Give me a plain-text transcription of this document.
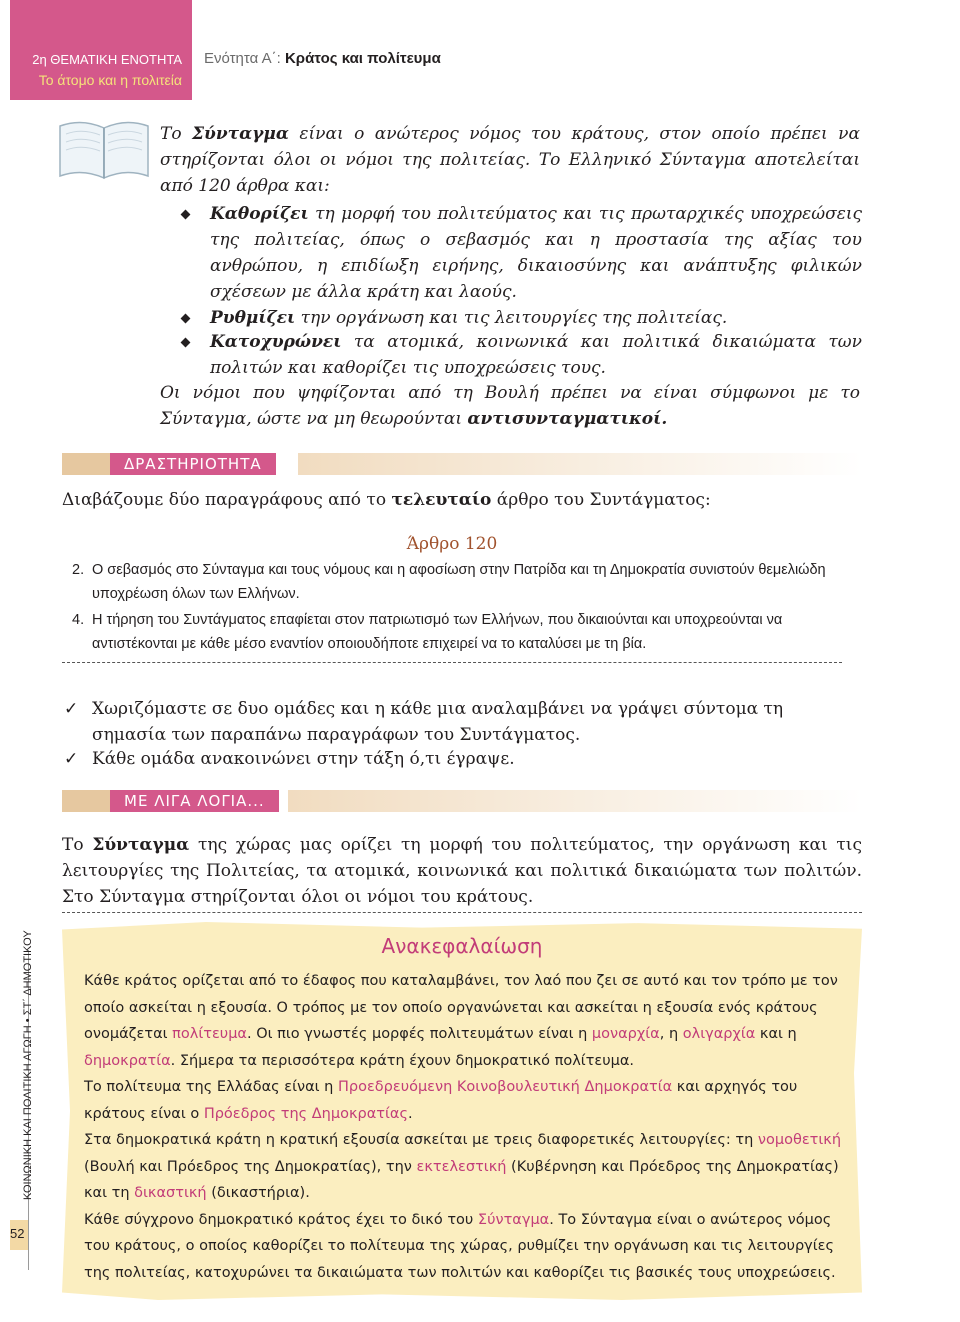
2η ΘΕΜΑΤΙΚΗ ΕΝΟΤΗΤΑ
Το άτομο και η πολιτεία
Ενότητα Α΄: Κράτος και πολίτευμα
Το Σύνταγμα είναι ο ανώτερος νόμος του κράτους, στον οποίο πρέπει να στηρίζονται όλοι οι νόμοι της πολιτείας. Το Ελληνικό Σύνταγμα αποτελείται από 120 άρθρα και:
Καθορίζει τη μορφή του πολιτεύματος και τις πρωταρχικές υποχρεώσεις της πολιτείας, όπως ο σεβασμός και η προστασία της αξίας του ανθρώπου, η επιδίωξη ειρήνης, δικαιοσύνης και ανάπτυξης φιλικών σχέσεων με άλλα κράτη και λαούς.
Ρυθμίζει την οργάνωση και τις λειτουργίες της πολιτείας.
Κατοχυρώνει τα ατομικά, κοινωνικά και πολιτικά δικαιώματα των πολιτών και καθορίζει τις υποχρεώσεις τους.
Οι νόμοι που ψηφίζονται από τη Βουλή πρέπει να είναι σύμφωνοι με το Σύνταγμα, ώστε να μη θεωρούνται αντισυνταγματικοί.
ΔΡΑΣΤΗΡΙΟΤΗΤΑ
Διαβάζουμε δύο παραγράφους από το τελευταίο άρθρο του Συντάγματος:
Άρθρο 120
2. Ο σεβασμός στο Σύνταγμα και τους νόμους και η αφοσίωση στην Πατρίδα και τη Δημοκρατία συνιστούν θεμελιώδη υποχρέωση όλων των Ελλήνων.
4. Η τήρηση του Συντάγματος επαφίεται στον πατριωτισμό των Ελλήνων, που δικαιούνται και υποχρεούνται να αντιστέκονται με κάθε μέσο εναντίον οποιουδήποτε επιχειρεί να το καταλύσει με τη βία.
✓ Χωριζόμαστε σε δυο ομάδες και η κάθε μια αναλαμβάνει να γράψει σύντομα τη σημασία των παραπάνω παραγράφων του Συντάγματος.
✓ Κάθε ομάδα ανακοινώνει στην τάξη ό,τι έγραψε.
ΜΕ ΛΙΓΑ ΛΟΓΙΑ...
Το Σύνταγμα της χώρας μας ορίζει τη μορφή του πολιτεύματος, την οργάνωση και τις λειτουργίες της Πολιτείας, τα ατομικά, κοινωνικά και πολιτικά δικαιώματα των πολιτών. Στο Σύνταγμα στηρίζονται όλοι οι νόμοι του κράτους.
Ανακεφαλαίωση
Κάθε κράτος ορίζεται από το έδαφος που καταλαμβάνει, τον λαό που ζει σε αυτό και τον τρόπο με τον οποίο ασκείται η εξουσία. Ο τρόπος με τον οποίο οργανώνεται και ασκείται η εξουσία ενός κράτους ονομάζεται πολίτευμα. Οι πιο γνωστές μορφές πολιτευμάτων είναι η μοναρχία, η ολιγαρχία και η δημοκρατία. Σήμερα τα περισσότερα κράτη έχουν δημοκρατικό πολίτευμα.
Το πολίτευμα της Ελλάδας είναι η Προεδρευόμενη Κοινοβουλευτική Δημοκρατία και αρχηγός του κράτους είναι ο Πρόεδρος της Δημοκρατίας.
Στα δημοκρατικά κράτη η κρατική εξουσία ασκείται με τρεις διαφορετικές λειτουργίες: τη νομοθετική (Βουλή και Πρόεδρος της Δημοκρατίας), την εκτελεστική (Κυβέρνηση και Πρόεδρος της Δημοκρατίας) και τη δικαστική (δικαστήρια).
Κάθε σύγχρονο δημοκρατικό κράτος έχει το δικό του Σύνταγμα. Το Σύνταγμα είναι ο ανώτερος νόμος του κράτους, ο οποίος καθορίζει το πολίτευμα της χώρας, ρυθμίζει την οργάνωση και τις λειτουργίες της πολιτείας, κατοχυρώνει τα δικαιώματα των πολιτών και καθορίζει τις βασικές τους υποχρεώσεις.
ΚΟΙΝΩΝΙΚΗ ΚΑΙ ΠΟΛΙΤΙΚΗ ΑΓΩΓΗ • ΣΤ΄ ΔΗΜΟΤΙΚΟΥ
52
